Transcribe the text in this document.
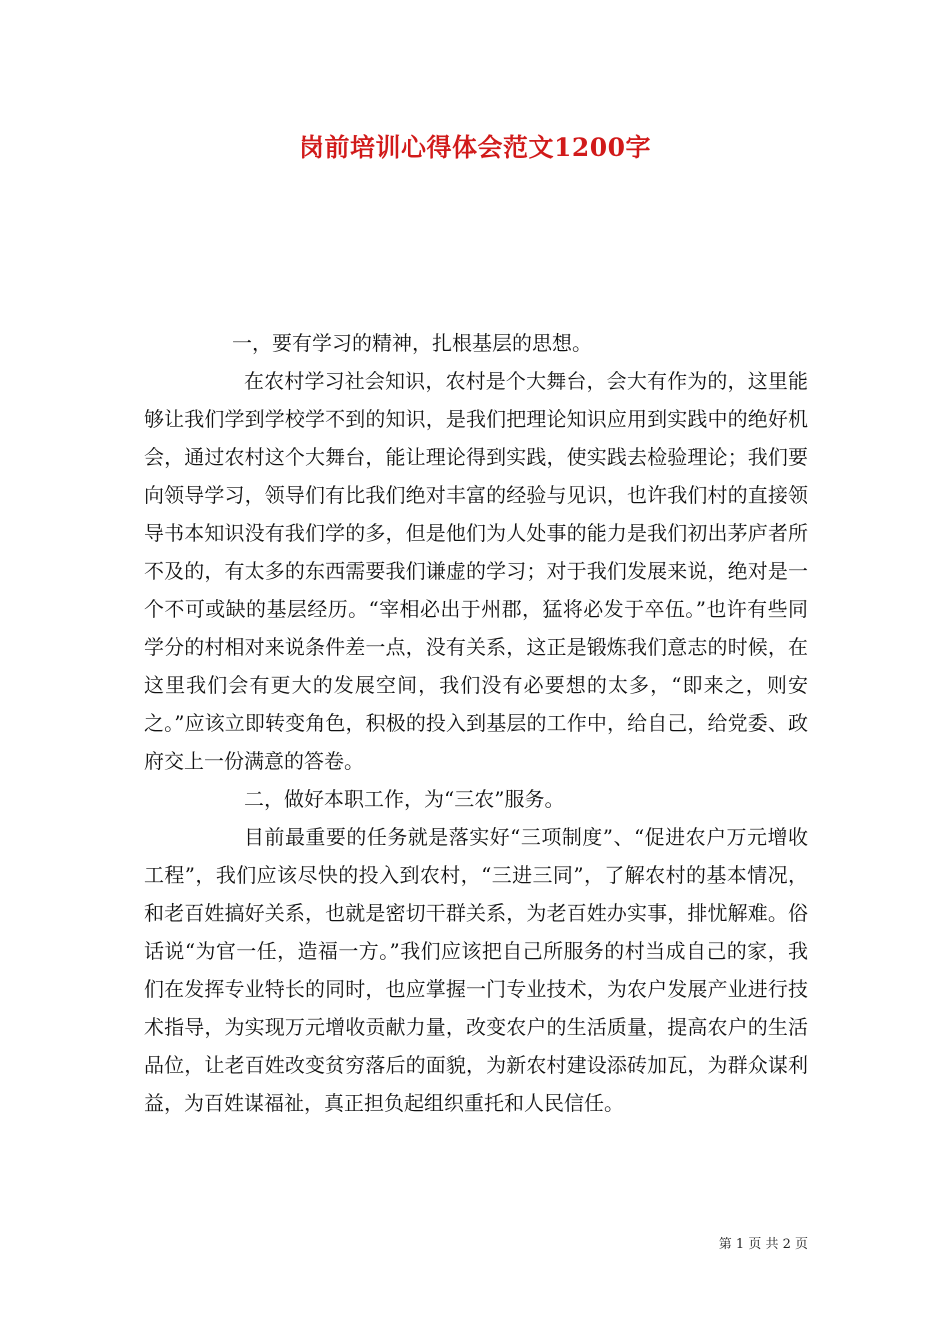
岗前培训心得体会范文1200字

一，要有学习的精神，扎根基层的思想。

在农村学习社会知识，农村是个大舞台，会大有作为的，这里能够让我们学到学校学不到的知识，是我们把理论知识应用到实践中的绝好机会，通过农村这个大舞台，能让理论得到实践，使实践去检验理论；我们要向领导学习，领导们有比我们绝对丰富的经验与见识，也许我们村的直接领导书本知识没有我们学的多，但是他们为人处事的能力是我们初出茅庐者所不及的，有太多的东西需要我们谦虚的学习；对于我们发展来说，绝对是一个不可或缺的基层经历。“宰相必出于州郡，猛将必发于卒伍。”也许有些同学分的村相对来说条件差一点，没有关系，这正是锻炼我们意志的时候，在这里我们会有更大的发展空间，我们没有必要想的太多，“即来之，则安之。”应该立即转变角色，积极的投入到基层的工作中，给自己，给党委、政府交上一份满意的答卷。

二，做好本职工作，为“三农”服务。

目前最重要的任务就是落实好“三项制度”、“促进农户万元增收工程”，我们应该尽快的投入到农村，“三进三同”，了解农村的基本情况，和老百姓搞好关系，也就是密切干群关系，为老百姓办实事，排忧解难。俗话说“为官一任，造福一方。”我们应该把自己所服务的村当成自己的家，我们在发挥专业特长的同时，也应掌握一门专业技术，为农户发展产业进行技术指导，为实现万元增收贡献力量，改变农户的生活质量，提高农户的生活品位，让老百姓改变贫穷落后的面貌，为新农村建设添砖加瓦，为群众谋利益，为百姓谋福祉，真正担负起组织重托和人民信任。

第 1 页 共 2 页
